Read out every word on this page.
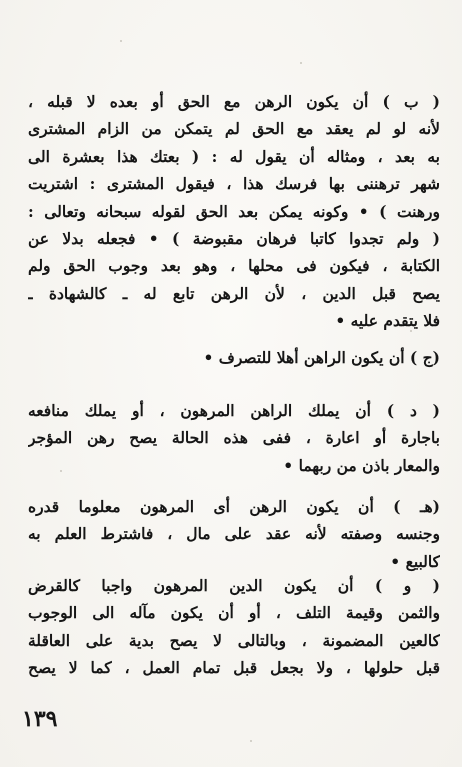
( ب ) أن يكون الرهن مع الحق أو بعده لا قبله ،
لأنه لو لم يعقد مع الحق لم يتمكن من الزام المشترى
به بعد ، ومثاله أن يقول له : ( بعتك هذا بعشرة الى
شهر ترهننى بها فرسك هذا ، فيقول المشترى : اشتريت
ورهنت ) • وكونه يمكن بعد الحق لقوله سبحانه وتعالى :
( ولم تجدوا كاتبا فرهان مقبوضة ) • فجعله بدلا عن
الكتابة ، فيكون فى محلها ، وهو بعد وجوب الحق ولم
يصح قبل الدين ، لأن الرهن تابع له ـ كالشهادة ـ
فلا يتقدم عليه •
(ج ) أن يكون الراهن أهلا للتصرف •
( د ) أن يملك الراهن المرهون ، أو يملك منافعه
باجارة أو اعارة ، ففى هذه الحالة يصح رهن المؤجر
والمعار باذن من ربهما •
(هـ ) أن يكون الرهن أى المرهون معلوما قدره
وجنسه وصفته لأنه عقد على مال ، فاشترط العلم به
كالبيع •
( و ) أن يكون الدين المرهون واجبا كالقرض
والثمن وقيمة التلف ، أو أن يكون مآله الى الوجوب
كالعين المضمونة ، وبالتالى لا يصح بدية على العاقلة
قبل حلولها ، ولا بجعل قبل تمام العمل ، كما لا يصح
١٣٩
